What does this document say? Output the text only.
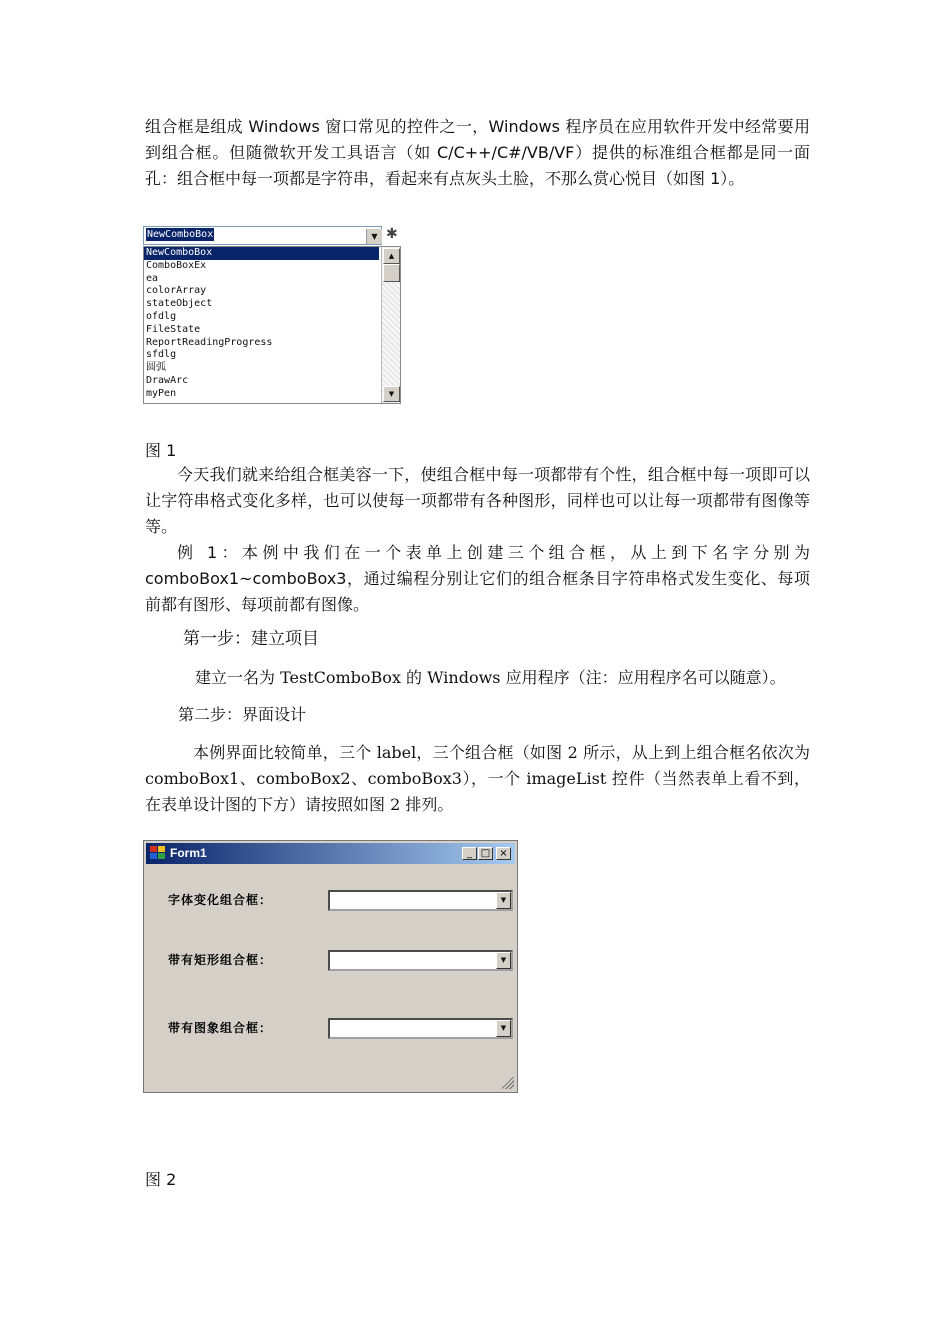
组合框是组成 Windows 窗口常见的控件之一，Windows 程序员在应用软件开发中经常要用到组合框。但随微软开发工具语言（如 C/C++/C#/VB/VF）提供的标准组合框都是同一面孔：组合框中每一项都是字符串，看起来有点灰头土脸，不那么赏心悦目（如图 1）。

NewComboBox	▼ ✱
NewComboBox
ComboBoxEx
ea
colorArray
stateObject
ofdlg
FileState
ReportReadingProgress
sfdlg
圆弧
DrawArc
myPen
▲
▼
图 1

今天我们就来给组合框美容一下，使组合框中每一项都带有个性，组合框中每一项即可以让字符串格式变化多样，也可以使每一项都带有各种图形，同样也可以让每一项都带有图像等等。

例 1：本例中我们在一个表单上创建三个组合框，从上到下名字分别为 comboBox1~comboBox3，通过编程分别让它们的组合框条目字符串格式发生变化、每项前都有图形、每项前都有图像。

第一步：建立项目
建立一名为 TestComboBox 的 Windows 应用程序（注：应用程序名可以随意）。
第二步：界面设计

本例界面比较简单，三个 label，三个组合框（如图 2 所示，从上到上组合框名依次为 comboBox1、comboBox2、comboBox3），一个 imageList 控件（当然表单上看不到，在表单设计图的下方）请按照如图 2 排列。

Form1	_ □ ×
字体变化组合框：	▼
带有矩形组合框：	▼
带有图象组合框：	▼
图 2
